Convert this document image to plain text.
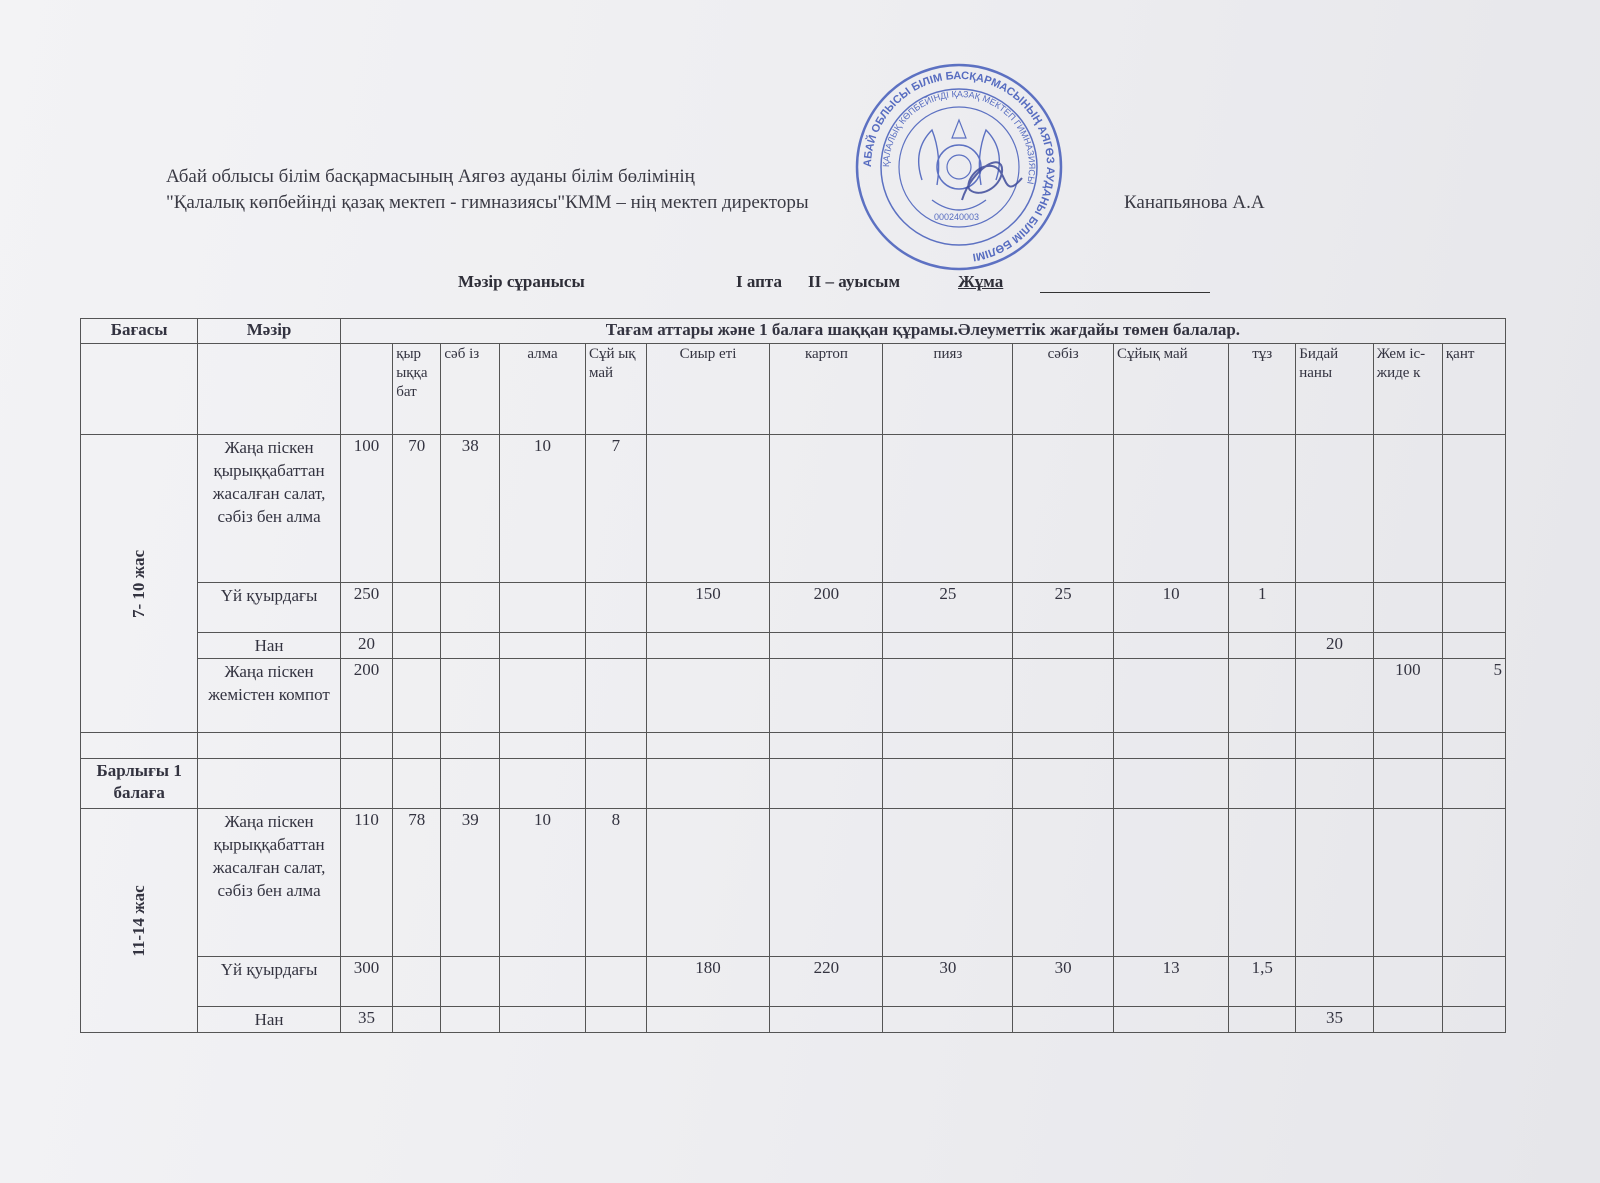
Абай облысы білім басқармасының Аягөз ауданы білім бөлімінің
"Қалалық көпбейінді қазақ мектеп - гимназиясы"КММ – нің мектеп директоры	Канапьянова А.А
АБАЙ ОБЛЫСЫ БІЛІМ БАСҚАРМАСЫНЫҢ АЯГӨЗ АУДАНЫ БІЛІМ БӨЛІМІ
ҚАЛАЛЫҚ КӨПБЕЙІНДІ ҚАЗАҚ МЕКТЕП ГИМНАЗИЯСЫ
000240003
Мәзір сұранысы	I апта II – ауысым	Жұма
Бағасы	Мәзір	Тағам аттары және 1 балаға шаққан құрамы.Әлеуметтік жағдайы төмен балалар.													
			қыр ыққа бат	сәб із	алма	Сұй ық май	Сиыр еті	картоп	пияз	сәбіз	Сұйық май	тұз	Бидай наны	Жем іс- жиде к	қант

7- 10 жас	Жаңа піскен қырыққабаттан жасалған салат, сәбіз бен алма	100	70	38	10	7									
	Үй қуырдағы	250					150	200	25	25	10	1			
	Нан	20											20		
	Жаңа піскен жемістен компот	200												100	5

Барлығы 1 балаға															

11-14 жас	Жаңа піскен қырыққабаттан жасалған салат, сәбіз бен алма	110	78	39	10	8									
	Үй қуырдағы	300					180	220	30	30	13	1,5			
	Нан	35											35		
